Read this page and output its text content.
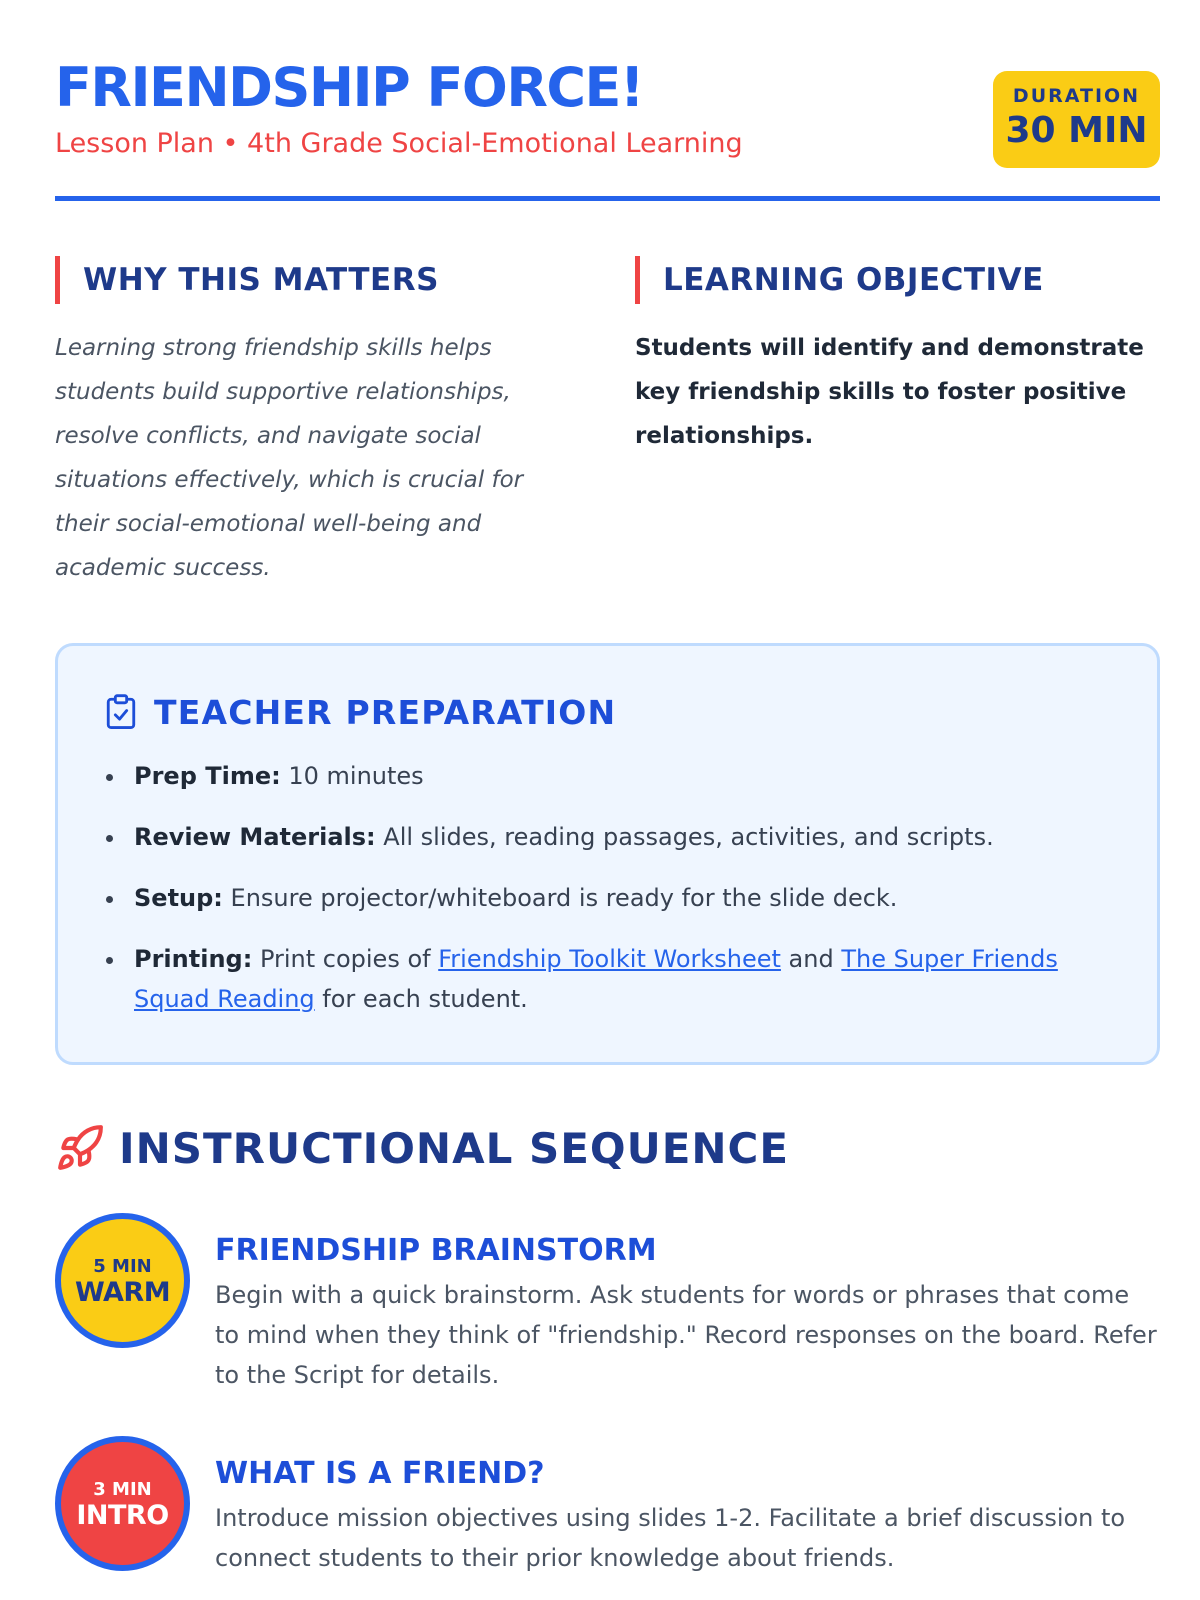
FRIENDSHIP FORCE!
Lesson Plan • 4th Grade Social-Emotional Learning
DURATION
30 MIN
WHY THIS MATTERS

Learning strong friendship skills helps students build supportive relationships, resolve conflicts, and navigate social situations effectively, which is crucial for their social-emotional well-being and academic success.

LEARNING OBJECTIVE

Students will identify and demonstrate key friendship skills to foster positive relationships.

TEACHER PREPARATION
Prep Time: 10 minutes
Review Materials: All slides, reading passages, activities, and scripts.
Setup: Ensure projector/whiteboard is ready for the slide deck.
Printing: Print copies of Friendship Toolkit Worksheet and The Super Friends Squad Reading for each student.
INSTRUCTIONAL SEQUENCE
5 MIN
WARM
FRIENDSHIP BRAINSTORM

Begin with a quick brainstorm. Ask students for words or phrases that come to mind when they think of "friendship." Record responses on the board. Refer to the Script for details.

3 MIN
INTRO
WHAT IS A FRIEND?

Introduce mission objectives using slides 1-2. Facilitate a brief discussion to connect students to their prior knowledge about friends.
